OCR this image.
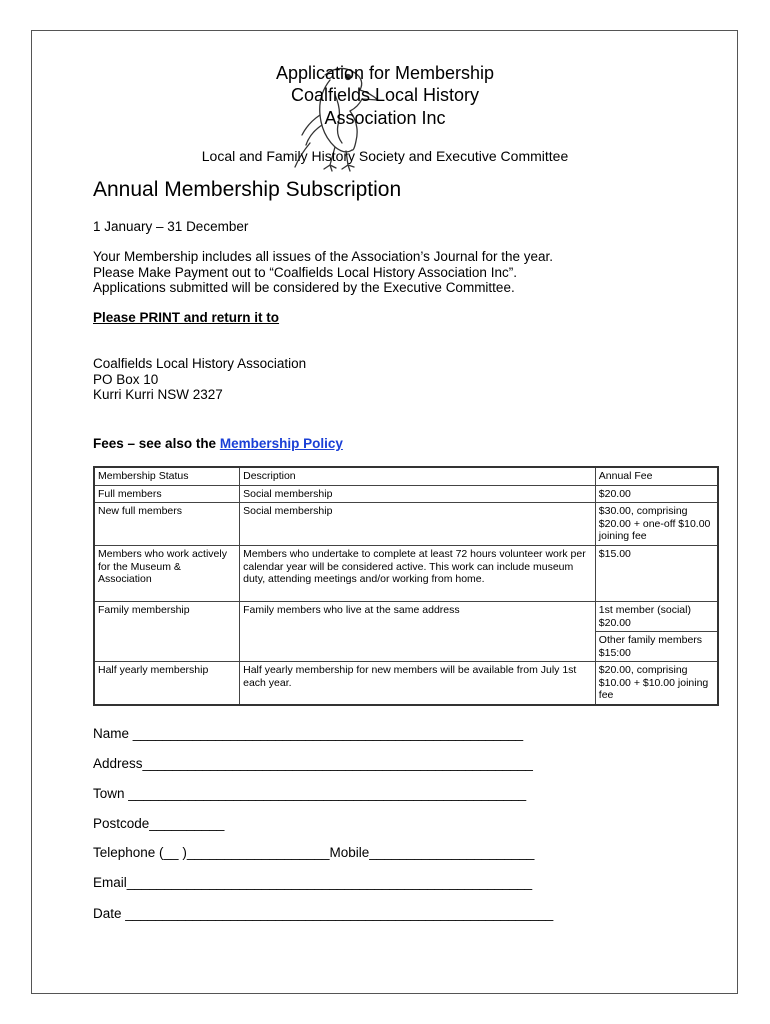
Application for Membership
Coalfields Local History
Association Inc
Local and Family History Society and Executive Committee
Annual Membership Subscription
1 January – 31 December
Your Membership includes all issues of the Association’s Journal for the year.
Please Make Payment out to “Coalfields Local History Association Inc”.
Applications submitted will be considered by the Executive Committee.
Please PRINT and return it to
Coalfields Local History Association
PO Box 10
Kurri Kurri NSW 2327
Fees – see also the Membership Policy
Membership Status	Description	Annual Fee
Full members	Social membership	$20.00
New full members	Social membership	$30.00, comprising $20.00 + one-off $10.00 joining fee
Members who work actively for the Museum & Association	Members who undertake to complete at least 72 hours volunteer work per calendar year will be considered active. This work can include museum duty, attending meetings and/or working from home.	$15.00
Family membership	Family members who live at the same address	1st member (social) $20.00
		Other family members $15:00
Half yearly membership	Half yearly membership for new members will be available from July 1st each year.	$20.00, comprising $10.00 + $10.00 joining fee
Name ____________________________________________________
Address____________________________________________________
Town _____________________________________________________
Postcode__________
Telephone (__ )___________________Mobile______________________
Email______________________________________________________
Date _________________________________________________________
